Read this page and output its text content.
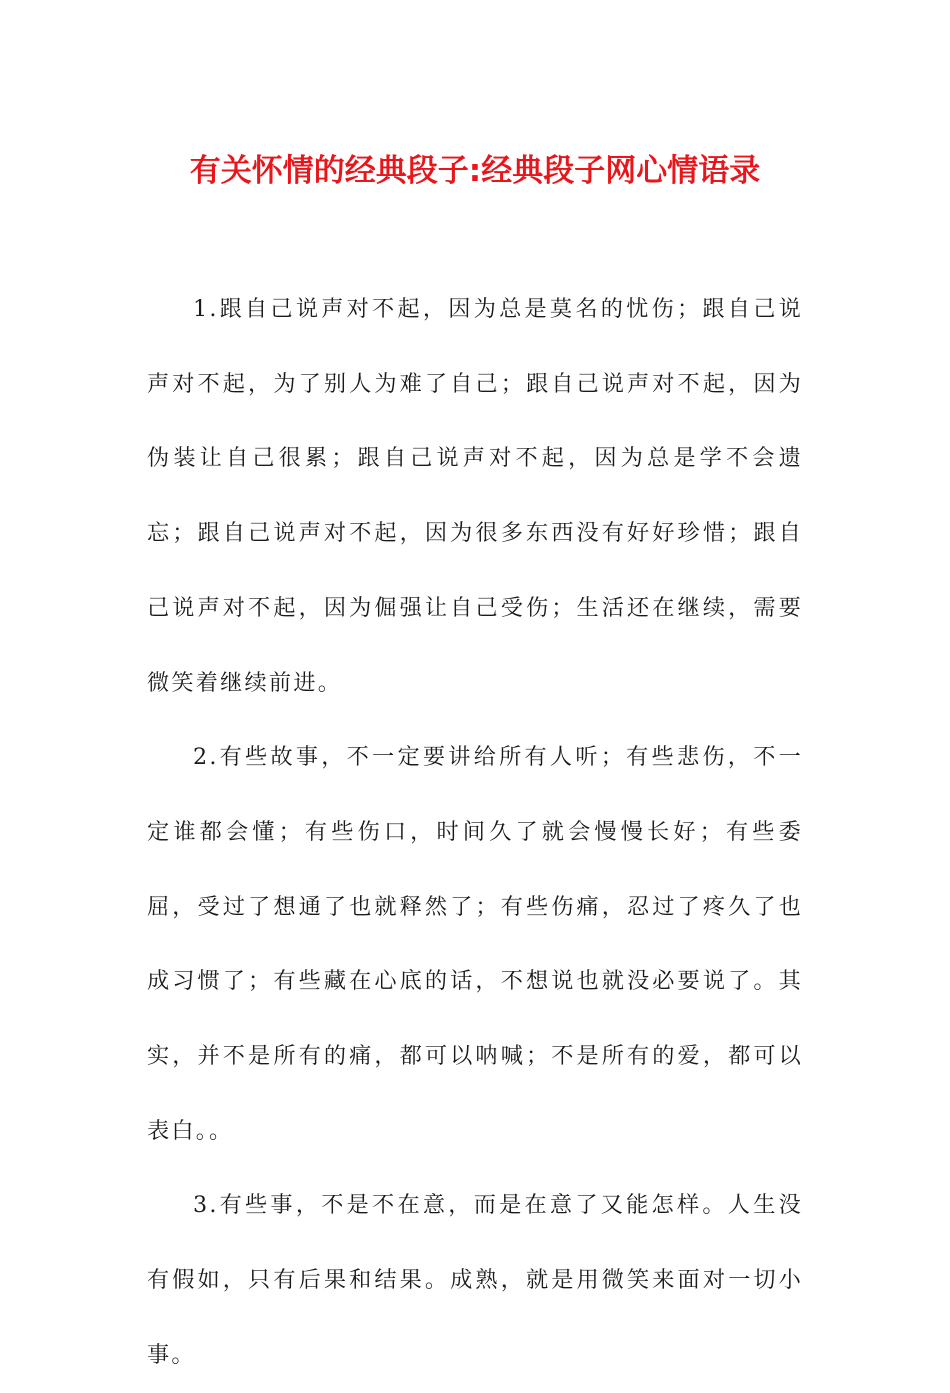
有关怀情的经典段子:经典段子网心情语录

1.跟自己说声对不起，因为总是莫名的忧伤；跟自己说声对不起，为了别人为难了自己；跟自己说声对不起，因为伪装让自己很累；跟自己说声对不起，因为总是学不会遗忘；跟自己说声对不起，因为很多东西没有好好珍惜；跟自己说声对不起，因为倔强让自己受伤；生活还在继续，需要微笑着继续前进。

2.有些故事，不一定要讲给所有人听；有些悲伤，不一定谁都会懂；有些伤口，时间久了就会慢慢长好；有些委屈，受过了想通了也就释然了；有些伤痛，忍过了疼久了也成习惯了；有些藏在心底的话，不想说也就没必要说了。其实，并不是所有的痛，都可以呐喊；不是所有的爱，都可以表白。。

3.有些事，不是不在意，而是在意了又能怎样。人生没有假如，只有后果和结果。成熟，就是用微笑来面对一切小事。
